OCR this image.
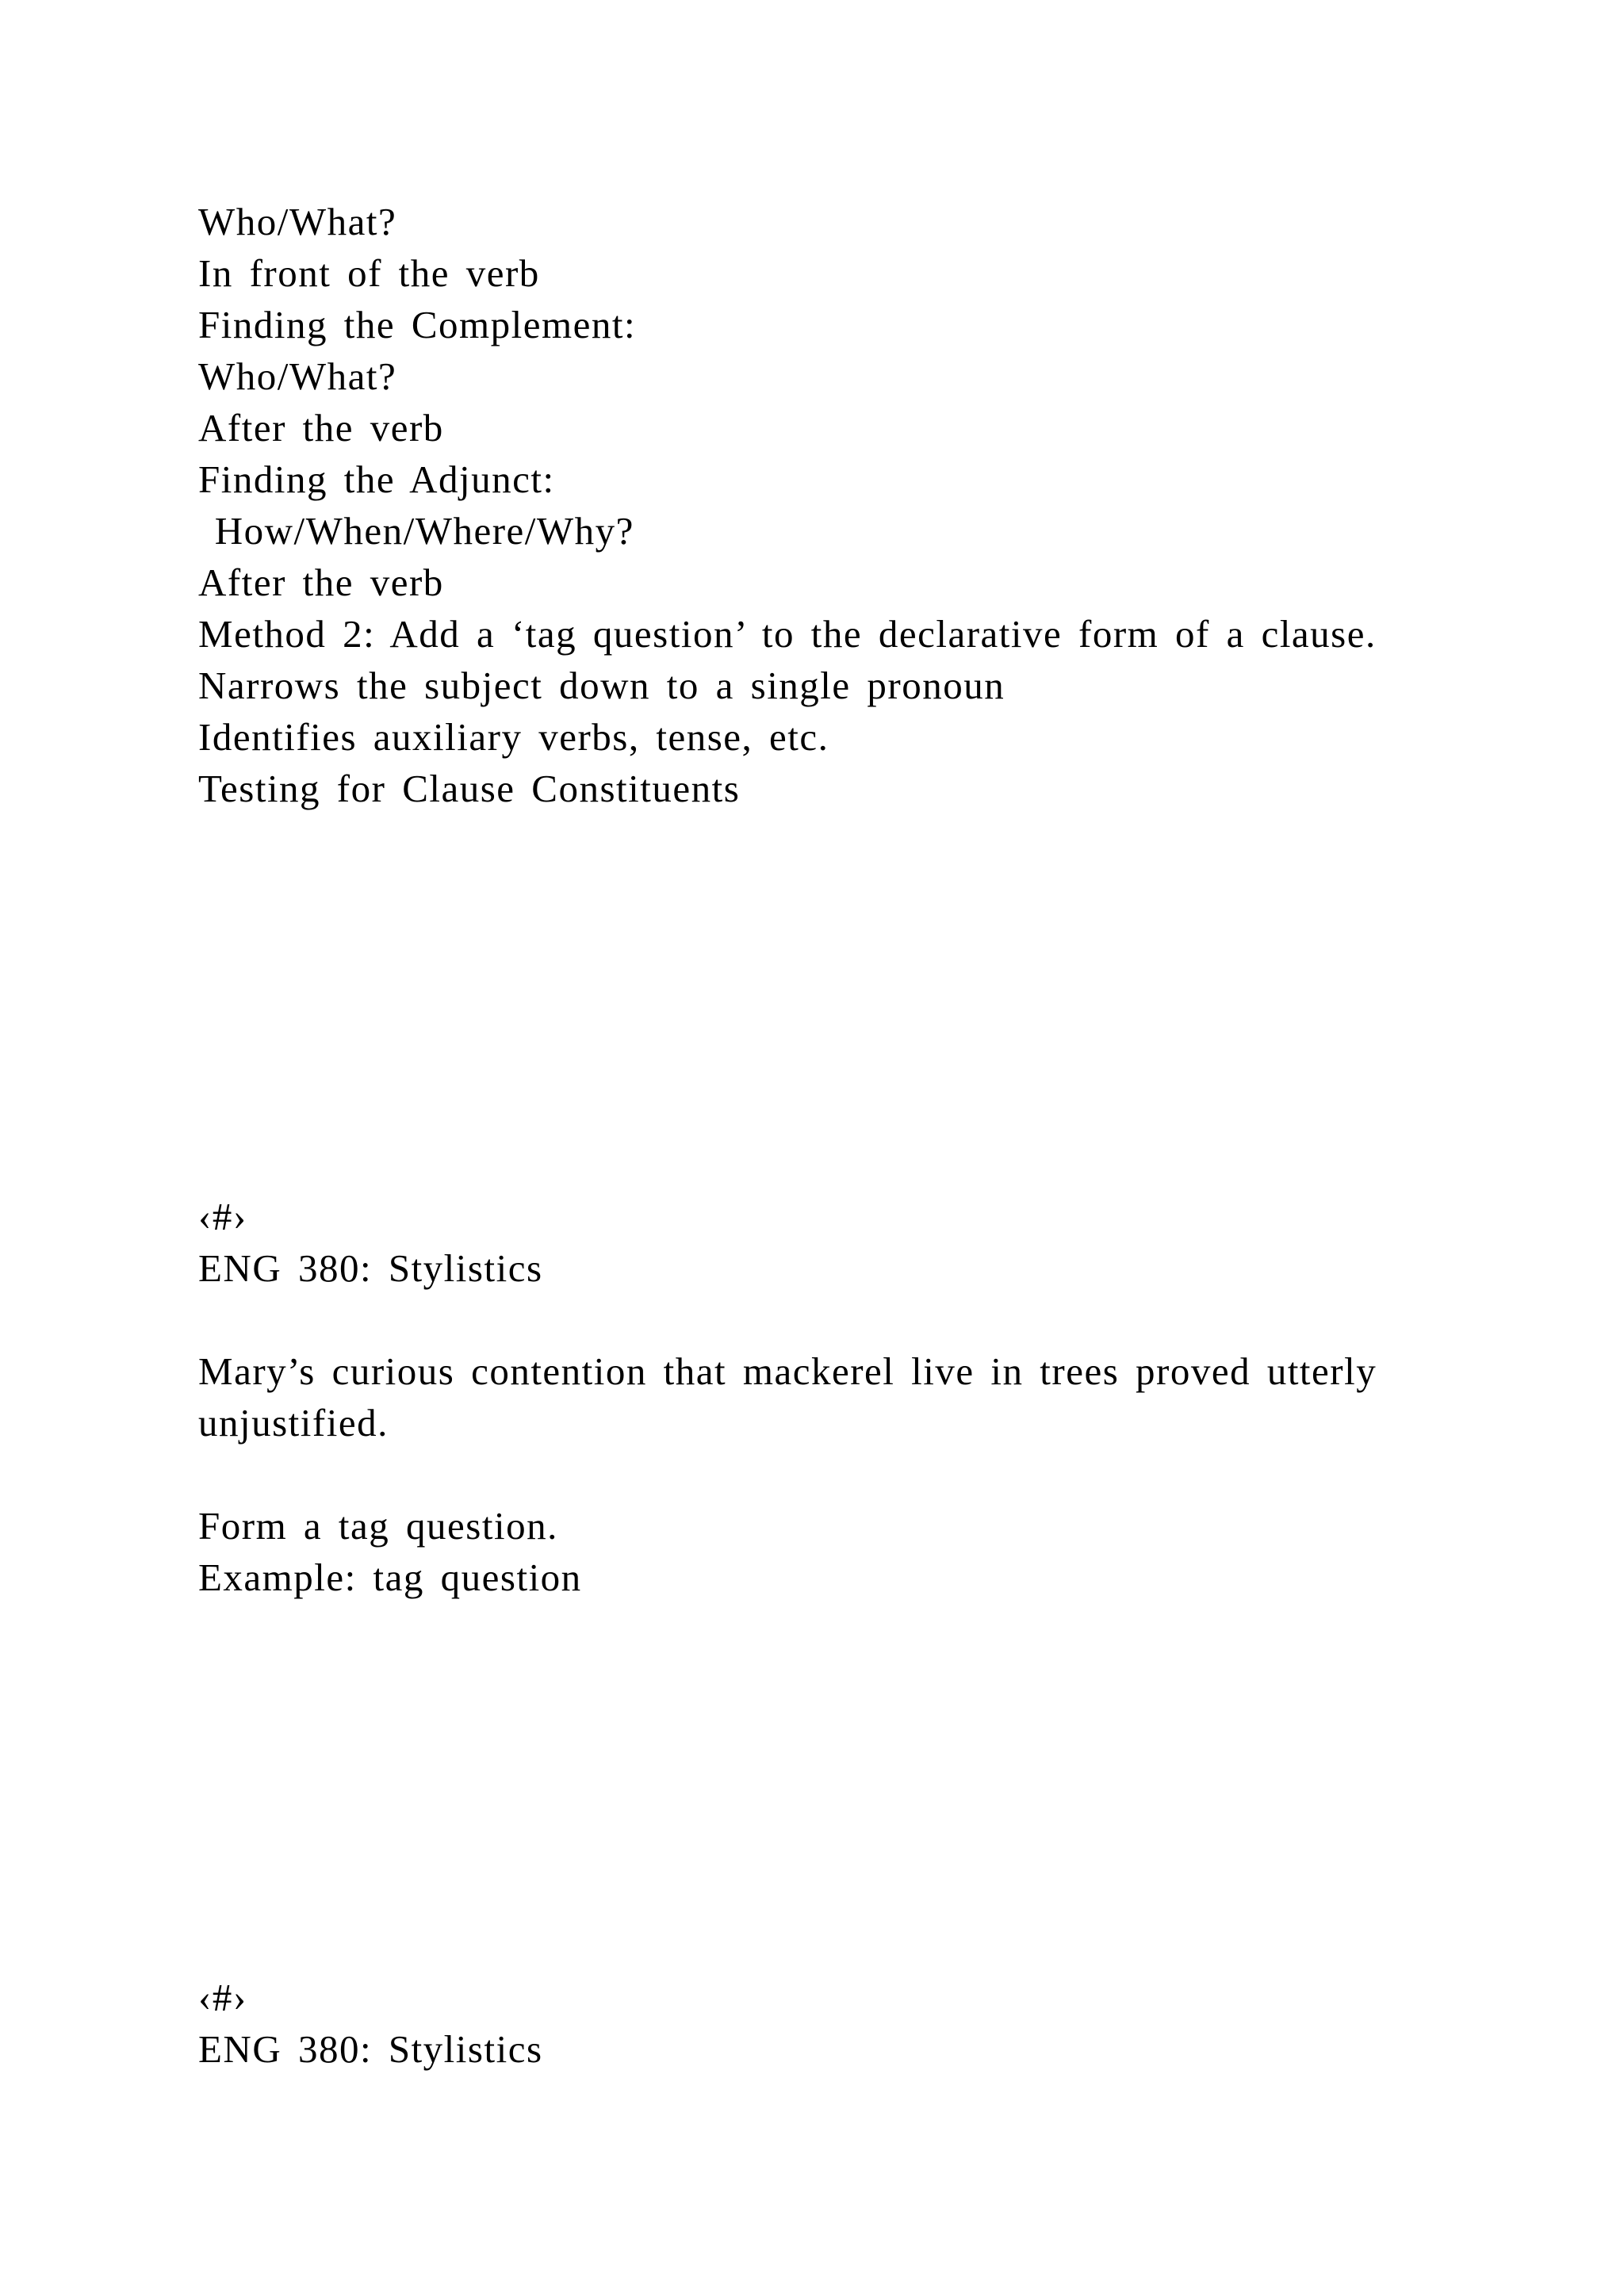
Who/What?
In front of the verb
Finding the Complement:
Who/What?
After the verb
Finding the Adjunct:
How/When/Where/Why?
After the verb
Method 2: Add a ‘tag question’ to the declarative form of a clause.
Narrows the subject down to a single pronoun
Identifies auxiliary verbs, tense, etc.
Testing for Clause Constituents
‹#›
ENG 380: Stylistics
Mary’s curious contention that mackerel live in trees proved utterly
unjustified.
Form a tag question.
Example: tag question
‹#›
ENG 380: Stylistics
